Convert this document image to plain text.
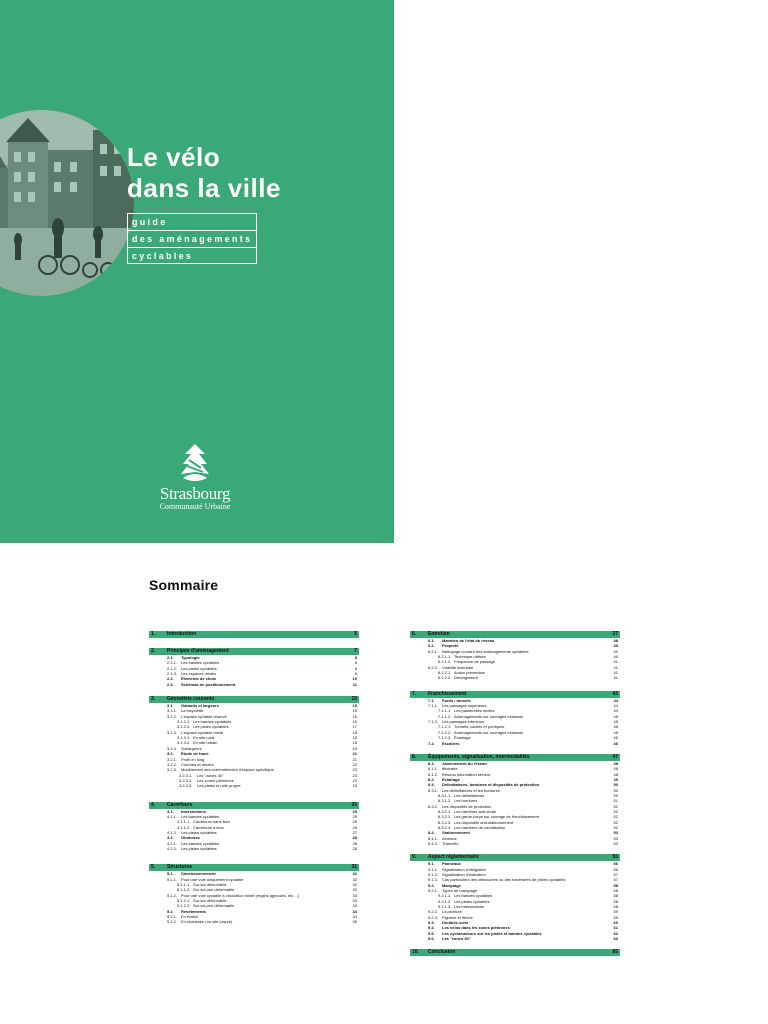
Le vélo
dans la ville
guide
des aménagements
cyclables
Strasbourg
Communauté Urbaine
Sommaire
1. Introduction	5
2. Principes d'aménagement	7
2.1. Typologie	8
2.1.1. Les bandes cyclables	8
2.1.2. Les pistes cyclables	8
2.1.3. Les espaces mixtes	8
2.2. Éléments de choix	10
2.3. Schémas de positionnement	11
3. Géométrie courante	15
3.1. Gabarits et largeurs	15
3.1.1. La bicyclette	15
3.1.2. L'espace cyclable réservé	16
3.1.2.1. Les bandes cyclables	16
3.1.2.2. Les pistes cyclables	17
3.1.3. L'espace cyclable mixte	18
3.1.3.1. En site rural	18
3.1.3.2. En site urbain	18
3.1.4. Surlargeurs	19
3.2. Étude de tracé	21
3.2.1. Profil en long	21
3.2.2. Courbes et dévers	22
3.2.3. Modèlement des extrémités/des d'espace spécifique	23
3.2.3.1. Les "zones 30"	23
3.2.3.2. Les zones piétonnes	23
3.2.3.3. Les pistes en site propre	23
4. Carrefours	25
4.1. Intersections	25
4.1.1. Les bandes cyclables	25
4.1.1.1. Carrefours sans feux	26
4.1.1.2. Carrefours à feux	26
4.1.2. Les pistes cyclables	27
4.2. Giratoires	28
4.2.1. Les bandes cyclables	28
4.2.2. Les pistes cyclables	28
5. Structures	31
5.1. Dimensionnement	32
5.1.1. Pour une voie uniquement cyclable	32
5.1.1.1. Sur sol déformable	32
5.1.1.2. Sur sol peu déformable	32
5.1.2. Pour une voie cyclable à circulation mixte (engins agricoles, etc ...)	33
5.1.2.1. Sur sol déformable	33
5.1.2.2. Sur sol peu déformable	33
5.2. Revêtements	34
5.2.1. En trottoir	34
5.2.2. En chaussée (ou site propre)	35
6. Entretien	37
6.1. Maintien de l'état du réseau	38
6.2. Propreté	40
6.2.1. Nettoyage courant des aménagements cyclables	40
6.2.1.1. Technique utilisée	40
6.2.1.2. Fréquence de passage	41
6.2.2. Viabilité hivernale	41
6.2.2.1. Action préventive	41
6.2.2.2. Déneigement	41
7. Franchissement	43
7.1. Ponts / tunnels	44
7.1.1. Les passages supérieurs	44
7.1.1.1. Les passerelles mixtes	44
7.1.1.2. Aménagements sur ouvrages existants	45
7.1.2. Les passages inférieurs	45
7.1.2.1. Tunnels, cadres et portiques	45
7.1.2.2. Aménagements sur ouvrages existants	45
7.1.2.3. Éclairage	45
7.2. Escaliers	46
8. Équipements, signalisation, intermodalités	47
8.1. Jalonnement du réseau	48
8.1.1. Itinéraire	48
8.1.2. Réseau information service	48
8.2. Éclairage	49
8.3. Délimitateurs, bordures et dispositifs de protection	50
8.3.1. Les délimitateurs et les bordures	50
8.3.1.1. Les délimitateurs	50
8.3.1.2. Les bordures	51
8.3.2. Les dispositifs de protection	52
8.3.2.1. Les barrières anti-chute	52
8.3.2.2. Les garde-corps sur ouvrage de franchissement	52
8.3.2.3. Les dispositifs anti-stationnement	52
8.3.2.4. Les barrières de canalisation	52
8.4. Stationnement	53
8.4.1. Arceaux	53
8.4.2. Tramvélo	53
9. Aspect réglementaire	55
9.1. Panneaux	56
9.1.1. Signalisation d'obligation	56
9.1.2. Signalisation d'indication	57
9.1.3. Cas particuliers des débouchés ou des traversées de pistes cyclables	57
9.2. Marquage	58
9.2.1. Types de marquage	58
9.2.1.1. Les bandes cyclables	58
9.2.1.2. Les pistes cyclables	58
9.2.1.3. Les intersections	58
9.2.2. La peinture	59
9.2.3. Figurine et flèche	59
9.3. Doubles-sens	60
9.4. Les vélos dans les zones piétonnes	61
9.5. Les cyclomoteurs sur les pistes et bandes cyclables	62
9.6. Les "zones 30"	63
10. Conclusion	65
